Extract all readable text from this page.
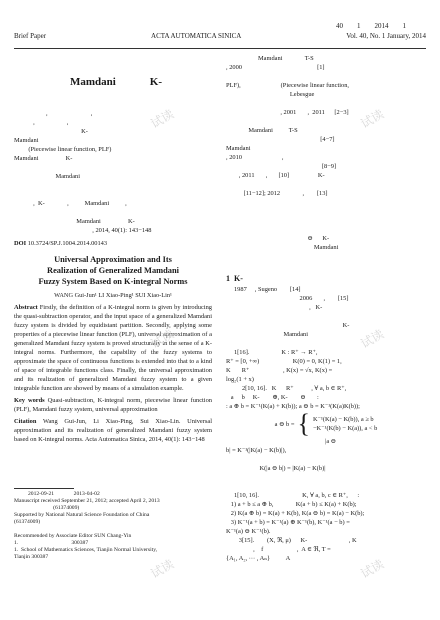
40 1 2014 1
Brief Paper	ACTA AUTOMATICA SINICA	Vol. 40, No. 1 January, 2014
Mamdani	K-

,                           ,
,                    ,
K-
Mamdani
(Piecewise linear function, PLF)
Mamdani                 K-

Mamdani

,  K-              ,          Mamdani          ,

Mamdani                 K-
, 2014, 40(1): 143−148
DOI 10.3724/SP.J.1004.2014.00143
Universal Approximation and Its
Realization of Generalized Mamdani
Fuzzy System Based on K-integral Norms
WANG Gui-Jun¹ LI Xiao-Ping¹ SUI Xiao-Lin¹
Abstract Firstly, the definition of a K-integral norm is given by introducing the quasi-subtraction operator, and the input space of a generalized Mamdani fuzzy system is divided by equidistant partition. Secondly, applying some properties of a piecewise linear function (PLF), universal approximation of a generalized Mamdani fuzzy system is proved structurally in the sense of a K-integral norms. Furthermore, the capability of the fuzzy systems to approximate the space of continuous functions is extended into that to a kind of space of integrable functions class. Finally, the universal approximation and its realization of generalized Mamdani fuzzy system to a given integrable function are showed by means of a simulation example.
Key words Quasi-subtraction, K-integral norm, piecewise linear function (PLF), Mamdani fuzzy system, universal approximation
Citation Wang Gui-Jun, Li Xiao-Ping, Sui Xiao-Lin. Universal approximation and its realization of generalized Mamdani fuzzy system based on K-integral norms. Acta Automatica Sinica, 2014, 40(1): 143−148
2012-09-21              2013-04-02
Manuscript received September 21, 2012; accepted April 2, 2013
(61374009)
Supported by National Natural Science Foundation of China
(61374009)

Recommended by Associate Editor SUN Chang-Yin
1.                                      300387
1.  School of Mathematics Sciences, Tianjin Normal University,
Tianjin 300387
Mamdani              T-S
, 2000                                               [1]

PLF),                         (Piecewise linear function,
Lebesgue

, 2001       ,  2011      [2−3]

Mamdani          T-S
[4−7]
Mamdani
, 2010                         ,
[8−9]
, 2011       ,       [10]                  K-

[11−12]; 2012              ,        [13]

⊖      K-
Mamdani

1 K-
1987     , Sugeno        [14]
2006       ,        [15]
,   K-

K-
Mamdani

1[16].                    K : R⁺ → R⁺,
R⁺ = [0, +∞)                     K(0) = 0, K(1) = 1,
K       R⁺                     , K(x) = √x, K(x) =
log₂(1 + x)
2[10, 16].   K      R⁺           , ∀ a, b ∈ R⁺,
a     b     K-        ⊕, K-        ⊖       :
: a ⊕ b = K⁻¹(K(a) + K(b)); a ⊖ b = K⁻¹(K(a)K(b));
a ⊖ b = { K⁻¹(K(a) − K(b)), a ≥ b
−K⁻¹(K(b) − K(a)), a < b
|a ⊖
b| = K⁻¹(|K(a) − K(b)|),

K(|a ⊖ b|) = |K(a) − K(b)|

1[10, 16].                           K, ∀ a, b, c ∈ R⁺,      :
1) a + b ≤ a ⊕ b,              K(a + b) ≤ K(a) + K(b);
2) K(a ⊕ b) = K(a) + K(b), K(a ⊖ b) = K(a) − K(b);
3) K⁻¹(a + b) = K⁻¹(a) ⊕ K⁻¹(b), K⁻¹(a − b) =
K⁻¹(a) ⊖ K⁻¹(b).
3[15].        (X, ℜ, μ)      K-                          , K
,    f                     ,  A ∈ ℜ, T =
{A₁, A₂, ··· , Aₙ}          A
试读	试读
试读	试读
试读	试读
